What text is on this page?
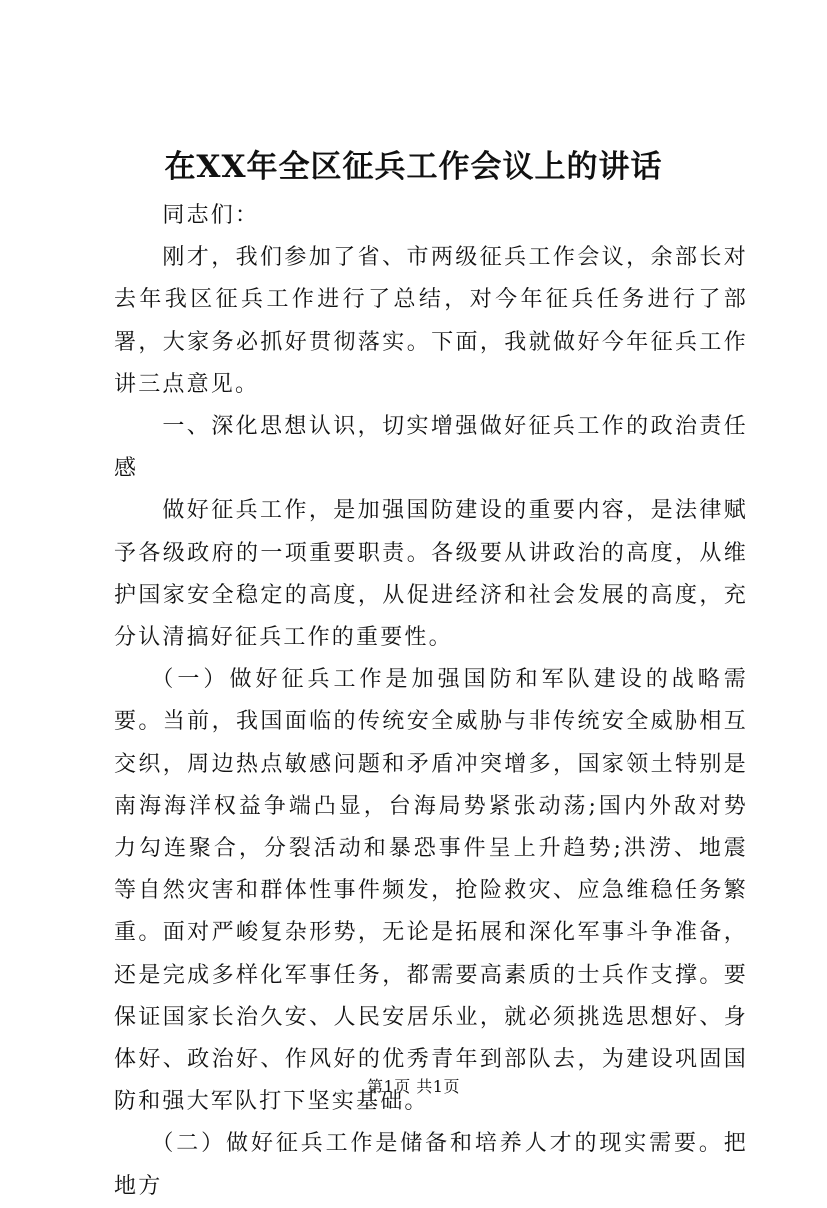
在XX年全区征兵工作会议上的讲话

同志们：

刚才，我们参加了省、市两级征兵工作会议，余部长对去年我区征兵工作进行了总结，对今年征兵任务进行了部署，大家务必抓好贯彻落实。下面，我就做好今年征兵工作讲三点意见。

一、深化思想认识，切实增强做好征兵工作的政治责任感

做好征兵工作，是加强国防建设的重要内容，是法律赋予各级政府的一项重要职责。各级要从讲政治的高度，从维护国家安全稳定的高度，从促进经济和社会发展的高度，充分认清搞好征兵工作的重要性。

（一）做好征兵工作是加强国防和军队建设的战略需要。当前，我国面临的传统安全威胁与非传统安全威胁相互交织，周边热点敏感问题和矛盾冲突增多，国家领土特别是南海海洋权益争端凸显，台海局势紧张动荡;国内外敌对势力勾连聚合，分裂活动和暴恐事件呈上升趋势;洪涝、地震等自然灾害和群体性事件频发，抢险救灾、应急维稳任务繁重。面对严峻复杂形势，无论是拓展和深化军事斗争准备，还是完成多样化军事任务，都需要高素质的士兵作支撑。要保证国家长治久安、人民安居乐业，就必须挑选思想好、身体好、政治好、作风好的优秀青年到部队去，为建设巩固国防和强大军队打下坚实基础。

（二）做好征兵工作是储备和培养人才的现实需要。把地方

第1页 共1页
